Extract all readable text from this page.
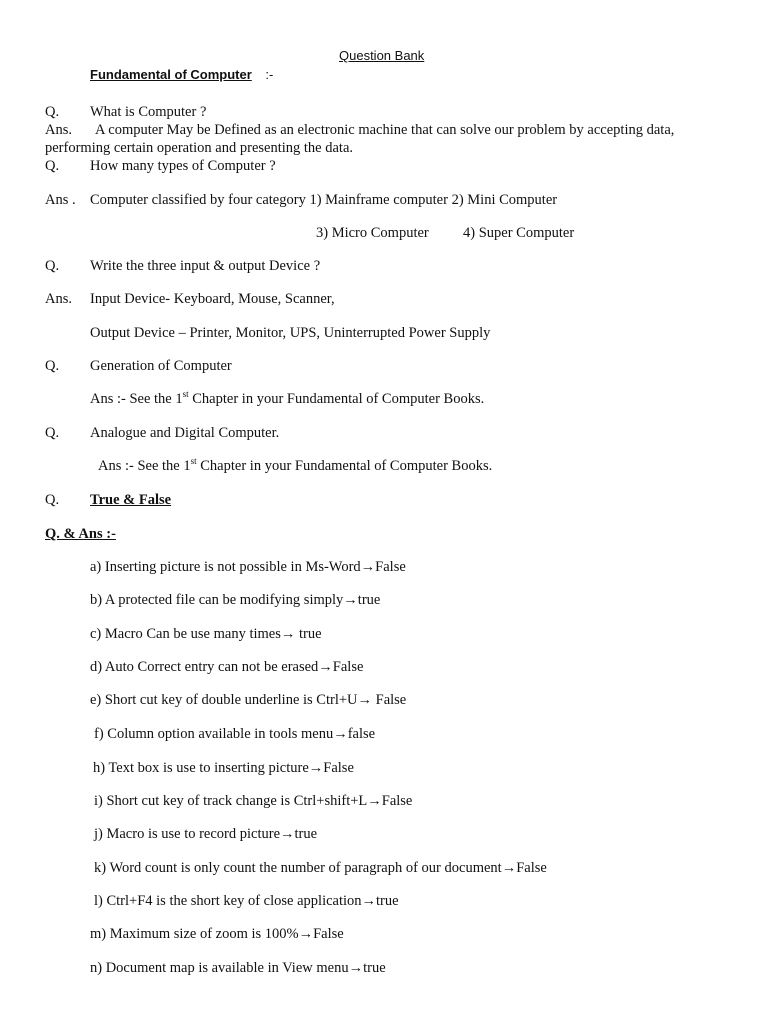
Question Bank
Fundamental of Computer :-
Q. What is Computer ?
Ans. A computer May be Defined as an electronic machine that can solve our problem by accepting data,
performing certain operation and presenting the data.
Q. How many types of Computer ?
Ans . Computer classified by four category 1) Mainframe computer 2) Mini Computer
3) Micro Computer 4) Super Computer
Q. Write the three input & output Device ?
Ans. Input Device- Keyboard, Mouse, Scanner,
Output Device – Printer, Monitor, UPS, Uninterrupted Power Supply
Q. Generation of Computer
Ans :- See the 1st Chapter in your Fundamental of Computer Books.
Q. Analogue and Digital Computer.
Ans :- See the 1st Chapter in your Fundamental of Computer Books.
Q. True & False
Q. & Ans :-
a) Inserting picture is not possible in Ms-Word→False
b) A protected file can be modifying simply→true
c) Macro Can be use many times→ true
d) Auto Correct entry can not be erased→False
e) Short cut key of double underline is Ctrl+U→ False
f) Column option available in tools menu→false
h) Text box is use to inserting picture→False
i) Short cut key of track change is Ctrl+shift+L→False
j) Macro is use to record picture→true
k) Word count is only count the number of paragraph of our document→False
l) Ctrl+F4 is the short key of close application→true
m) Maximum size of zoom is 100%→False
n) Document map is available in View menu→true
